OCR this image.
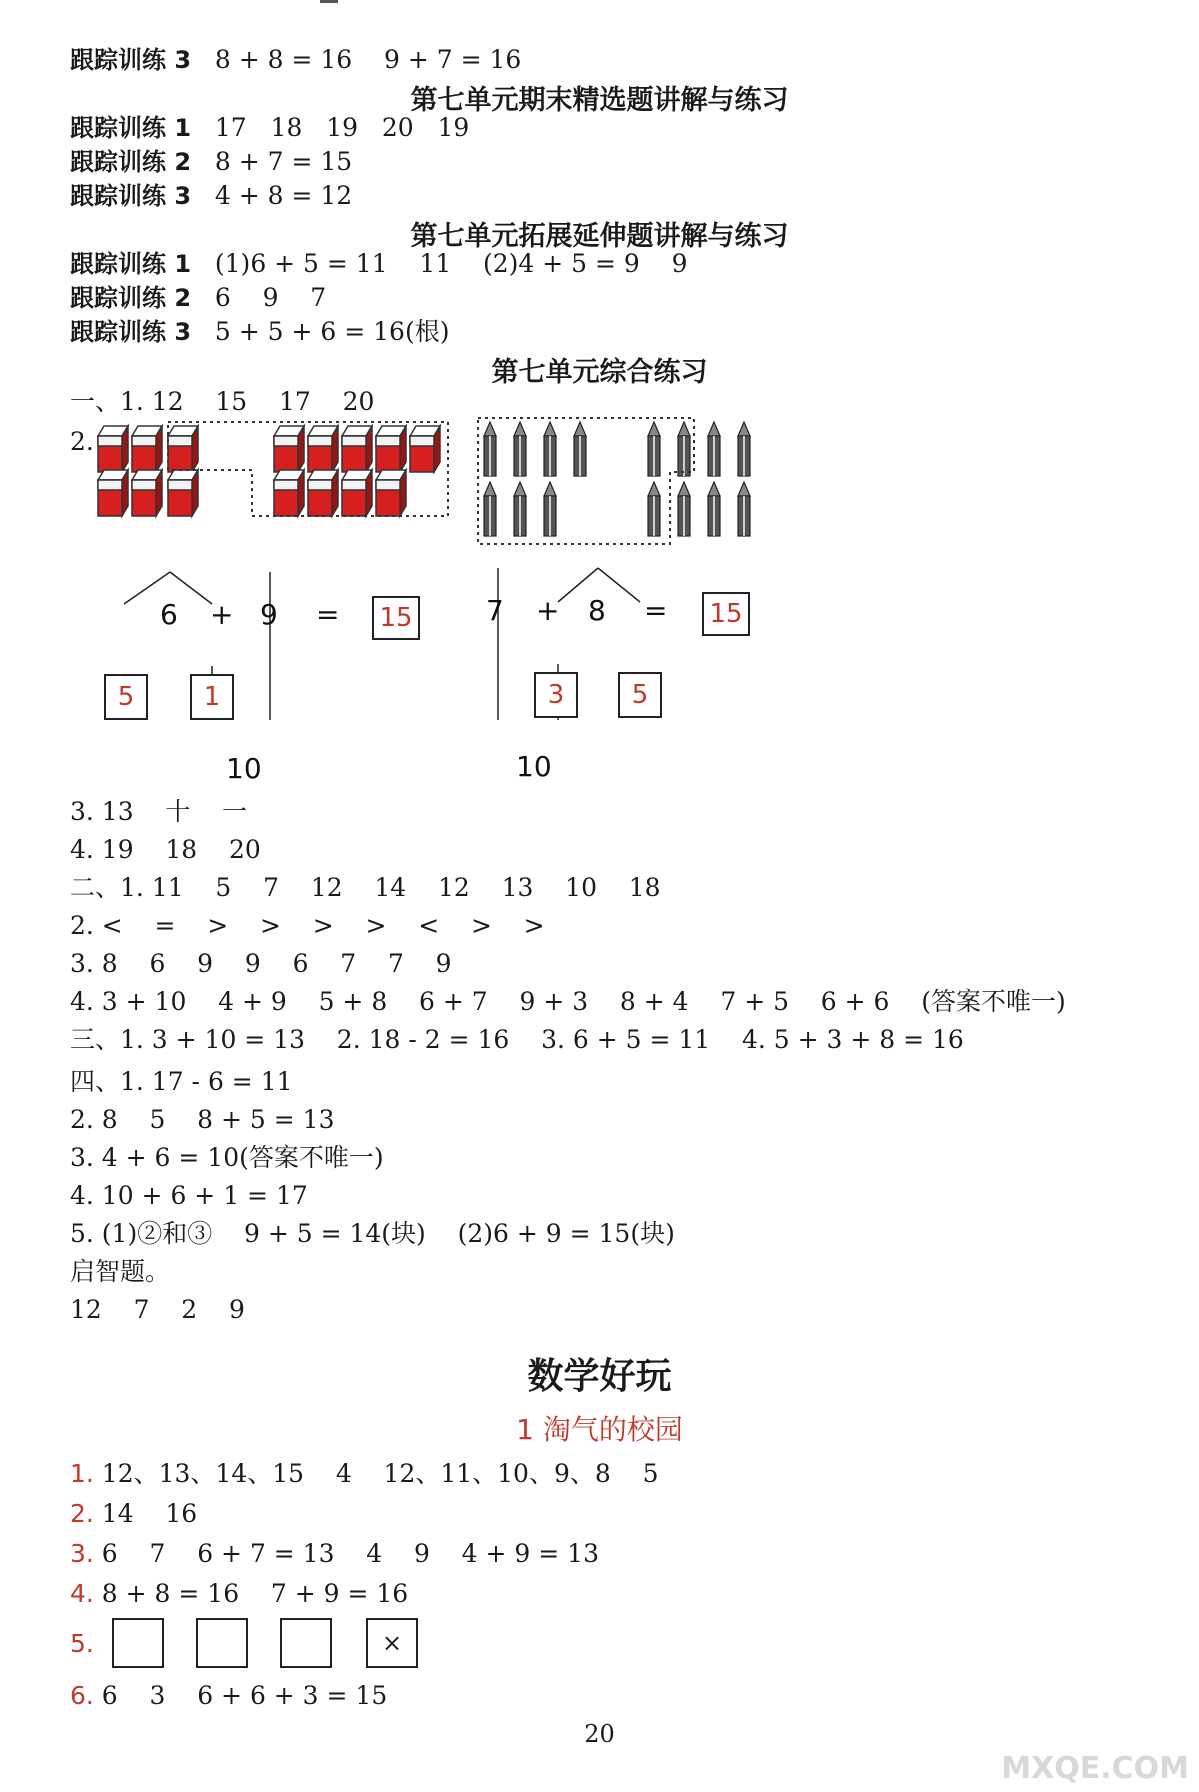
跟踪训练 3   8 + 8 = 16    9 + 7 = 16
第七单元期末精选题讲解与练习
跟踪训练 1   17   18   19   20   19
跟踪训练 2   8 + 7 = 15
跟踪训练 3   4 + 8 = 12
第七单元拓展延伸题讲解与练习
跟踪训练 1   (1)6 + 5 = 11    11    (2)4 + 5 = 9    9
跟踪训练 2   6    9    7
跟踪训练 3   5 + 5 + 6 = 16(根)
第七单元综合练习
一、1. 12    15    17    20
2.
6 + 9 = 15
5	1
10
7 + 8 = 15
3	5
10
3. 13    十    一
4. 19    18    20
二、1. 11    5    7    12    14    12    13    10    18
2. <    =    >    >    >    >    <    >    >
3. 8    6    9    9    6    7    7    9
4. 3 + 10    4 + 9    5 + 8    6 + 7    9 + 3    8 + 4    7 + 5    6 + 6    (答案不唯一)
三、1. 3 + 10 = 13    2. 18 - 2 = 16    3. 6 + 5 = 11    4. 5 + 3 + 8 = 16
四、1. 17 - 6 = 11
2. 8    5    8 + 5 = 13
3. 4 + 6 = 10(答案不唯一)
4. 10 + 6 + 1 = 17
5. (1)②和③    9 + 5 = 14(块)    (2)6 + 9 = 15(块)
启智题。
12    7    2    9
数学好玩
1 淘气的校园
1. 12、13、14、15    4    12、11、10、9、8    5
2. 14    16
3. 6    7    6 + 7 = 13    4    9    4 + 9 = 13
4. 8 + 8 = 16    7 + 9 = 16
5.	×
6. 6    3    6 + 6 + 3 = 15
20
MXQE.COM
